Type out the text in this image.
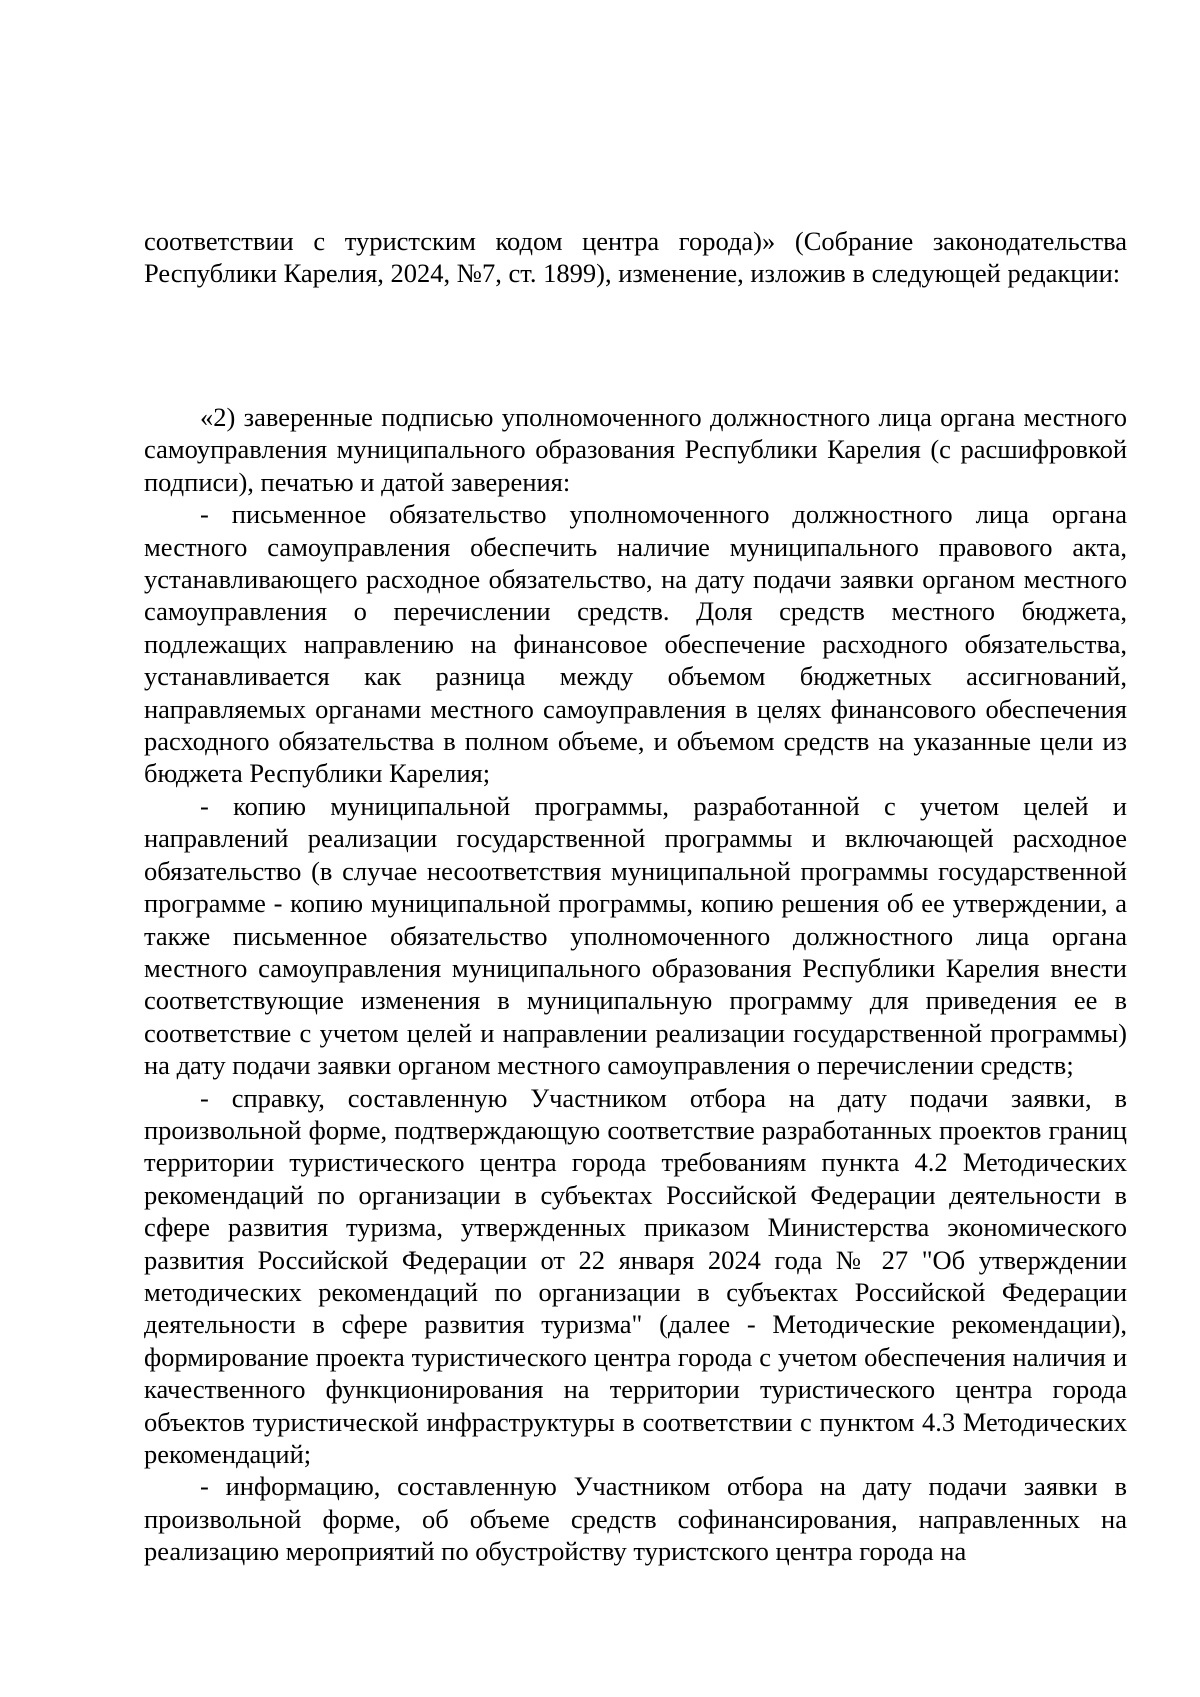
соответствии с туристским кодом центра города)» (Собрание законодательства Республики Карелия, 2024, №7, ст. 1899), изменение, изложив в следующей редакции:

«2) заверенные подписью уполномоченного должностного лица органа местного самоуправления муниципального образования Республики Карелия (с расшифровкой подписи), печатью и датой заверения:

- письменное обязательство уполномоченного должностного лица органа местного самоуправления обеспечить наличие муниципального правового акта, устанавливающего расходное обязательство, на дату подачи заявки органом местного самоуправления о перечислении средств. Доля средств местного бюджета, подлежащих направлению на финансовое обеспечение расходного обязательства, устанавливается как разница между объемом бюджетных ассигнований, направляемых органами местного самоуправления в целях финансового обеспечения расходного обязательства в полном объеме, и объемом средств на указанные цели из бюджета Республики Карелия;

- копию муниципальной программы, разработанной с учетом целей и направлений реализации государственной программы и включающей расходное обязательство (в случае несоответствия муниципальной программы государственной программе - копию муниципальной программы, копию решения об ее утверждении, а также письменное обязательство уполномоченного должностного лица органа местного самоуправления муниципального образования Республики Карелия внести соответствующие изменения в муниципальную программу для приведения ее в соответствие с учетом целей и направлении реализации государственной программы) на дату подачи заявки органом местного самоуправления о перечислении средств;

- справку, составленную Участником отбора на дату подачи заявки, в произвольной форме, подтверждающую соответствие разработанных проектов границ территории туристического центра города требованиям пункта 4.2 Методических рекомендаций по организации в субъектах Российской Федерации деятельности в сфере развития туризма, утвержденных приказом Министерства экономического развития Российской Федерации от 22 января 2024 года № 27 "Об утверждении методических рекомендаций по организации в субъектах Российской Федерации деятельности в сфере развития туризма" (далее - Методические рекомендации), формирование проекта туристического центра города с учетом обеспечения наличия и качественного функционирования на территории туристического центра города объектов туристической инфраструктуры в соответствии с пунктом 4.3 Методических рекомендаций;

- информацию, составленную Участником отбора на дату подачи заявки в произвольной форме, об объеме средств софинансирования, направленных на реализацию мероприятий по обустройству туристского центра города на
